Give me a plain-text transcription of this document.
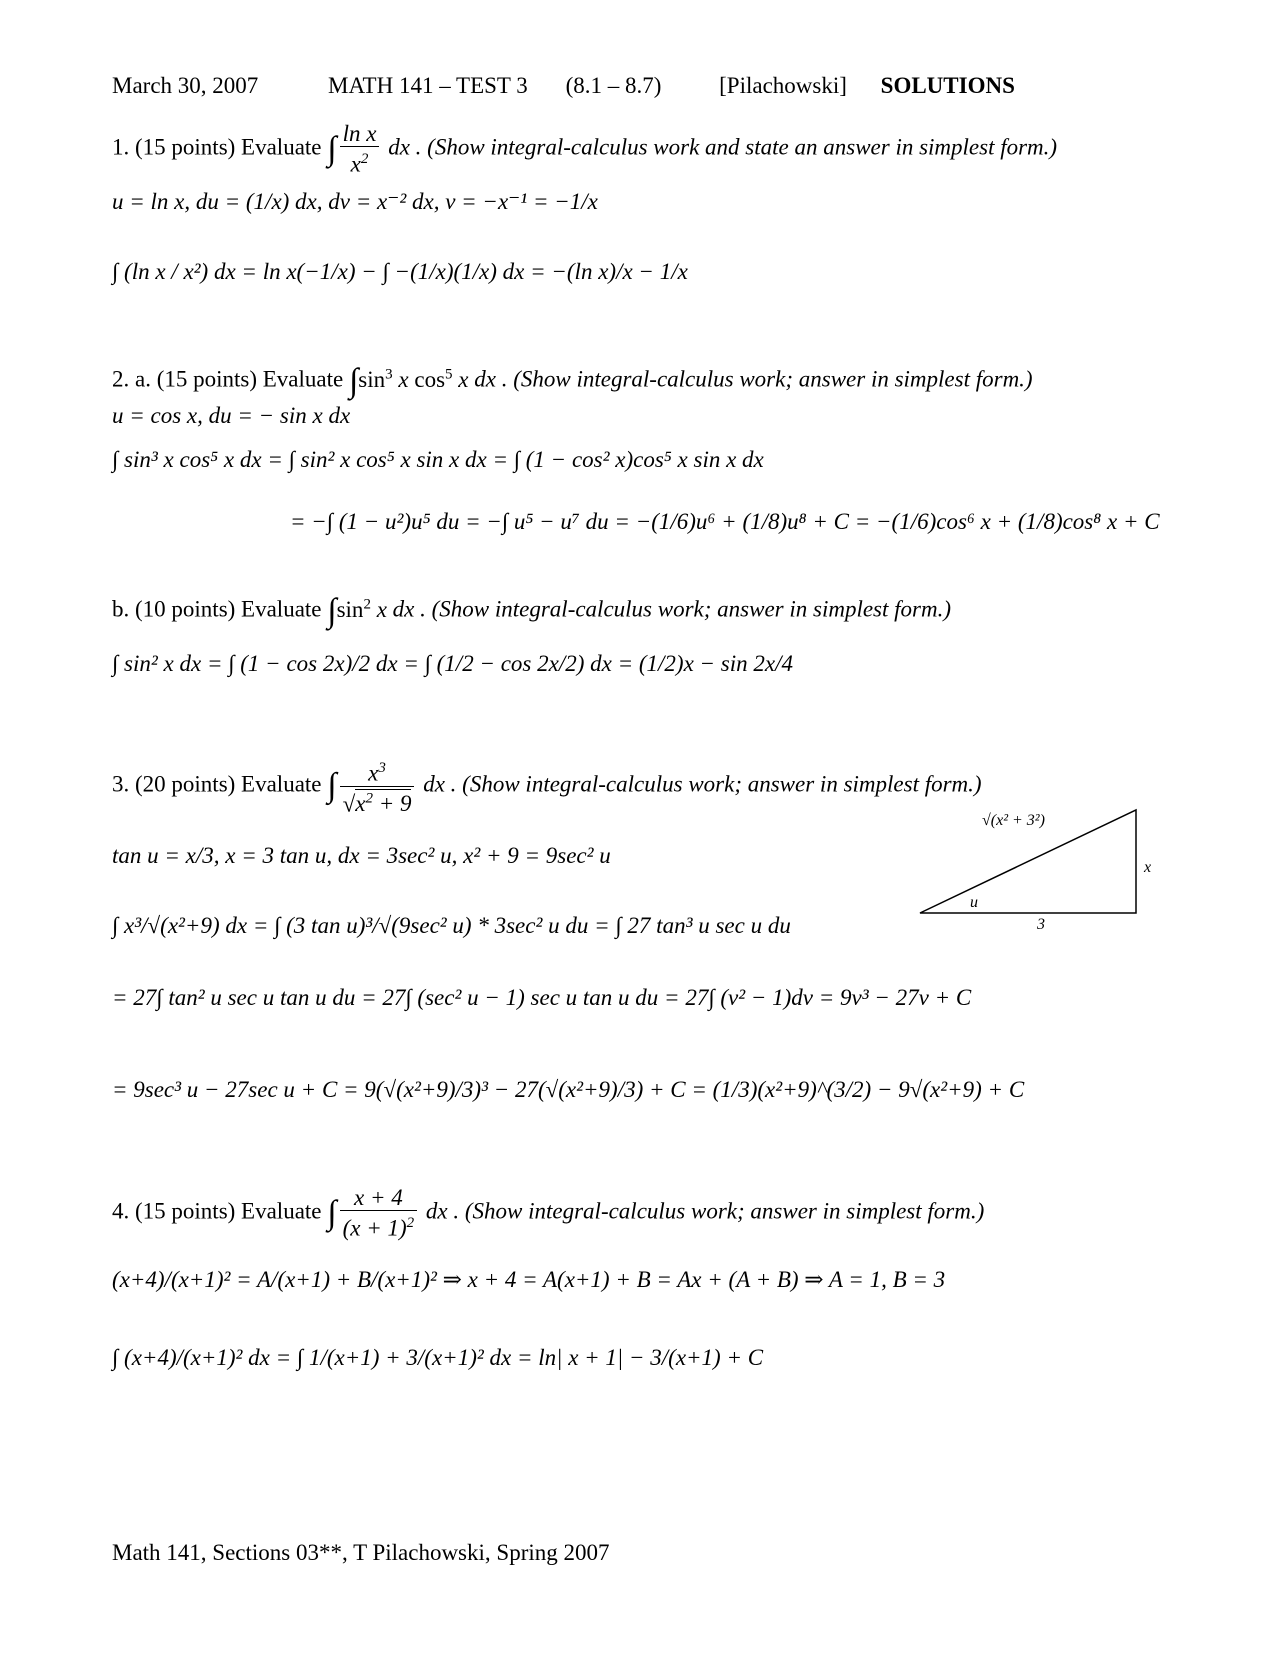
March 30, 2007	MATH 141 – TEST 3 (8.1 – 8.7)	[Pilachowski] SOLUTIONS
1. (15 points) Evaluate ∫ $\frac{\text{ln x}}{x^2}$ dx . (Show integral-calculus work and state an answer in simplest form.)
u = ln x, du = (1/x) dx, dv = x⁻² dx, v = −x⁻¹ = −1/x
∫ (ln x / x²) dx = ln x(−1/x) − ∫ −(1/x)(1/x) dx = −(ln x)/x − 1/x
2. a. (15 points) Evaluate $\int\sin^3$ x $\cos^5 x$ dx . (Show integral-calculus work; answer in simplest form.)
u = cos x, du = − sin x dx
∫ sin³ x cos⁵ x dx = ∫ sin² x cos⁵ x sin x dx = ∫ (1 − cos² x)cos⁵ x sin x dx
= −∫ (1 − u²)u⁵ du = −∫ u⁵ − u⁷ du = −(1/6)u⁶ + (1/8)u⁸ + C = −(1/6)cos⁶ x + (1/8)cos⁸ x + C
b. (10 points) Evaluate $\int\sin^2$ x dx . (Show integral-calculus work; answer in simplest form.)
∫ sin² x dx = ∫ (1 − cos 2x)/2 dx = ∫ (1/2 − cos 2x/2) dx = (1/2)x − sin 2x/4
3. (20 points) Evaluate ∫ $\frac{x^3}{√x^2 + 9}$ dx . (Show integral-calculus work; answer in simplest form.)
tan u = x/3, x = 3 tan u, dx = 3sec² u, x² + 9 = 9sec² u
√(x² + 3²)
x
3
u
∫ x³/√(x²+9) dx = ∫ (3 tan u)³/√(9sec² u) * 3sec² u du = ∫ 27 tan³ u sec u du
= 27∫ tan² u sec u tan u du = 27∫ (sec² u − 1) sec u tan u du = 27∫ (v² − 1)dv = 9v³ − 27v + C
= 9sec³ u − 27sec u + C = 9(√(x²+9)/3)³ − 27(√(x²+9)/3) + C = (1/3)(x²+9)^(3/2) − 9√(x²+9) + C
4. (15 points) Evaluate ∫ $\frac{x + 4}{(x + 1)^2}$ dx . (Show integral-calculus work; answer in simplest form.)
(x+4)/(x+1)² = A/(x+1) + B/(x+1)² ⇒ x + 4 = A(x+1) + B = Ax + (A + B) ⇒ A = 1, B = 3
∫ (x+4)/(x+1)² dx = ∫ 1/(x+1) + 3/(x+1)² dx = ln| x + 1| − 3/(x+1) + C
Math 141, Sections 03**, T Pilachowski, Spring 2007
